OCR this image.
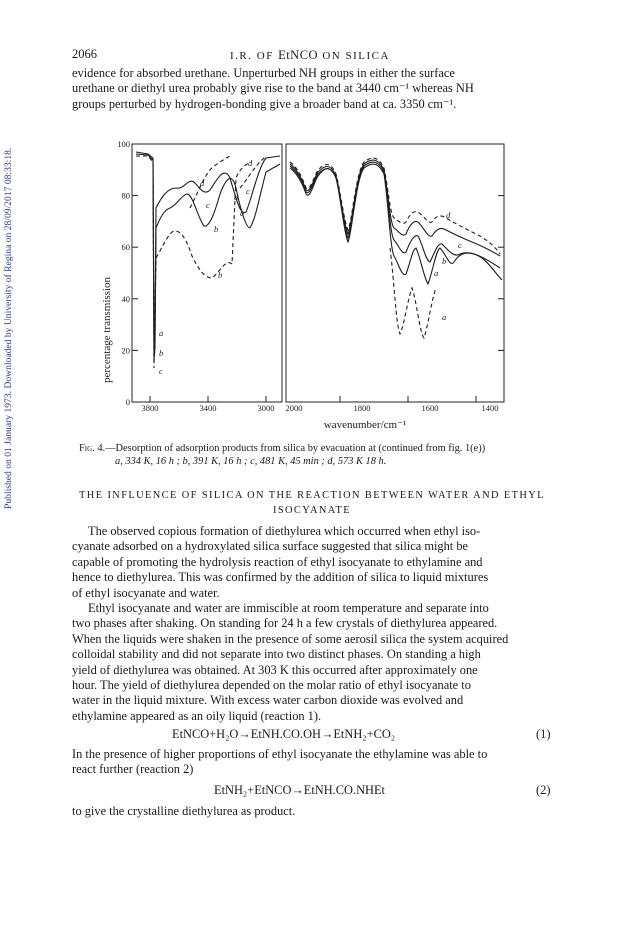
Published on 01 January 1973. Downloaded by University of Regina on 28/09/2017 08:33:18.
2066	I.R. OF EtNCO ON SILICA
evidence for absorbed urethane. Unperturbed NH groups in either the surface
urethane or diethyl urea probably give rise to the band at 3440 cm⁻¹ whereas NH
groups perturbed by hydrogen-bonding give a broader band at ca. 3350 cm⁻¹.
percentage transmission
100
80
60
40
20
0
3800	3400	3000 2000	1800	1600	1400
wavenumber/cm⁻¹
a
b
c
d
a
b
c
d
b
c
d
a
b
a
c
d
Fig. 4.—Desorption of adsorption products from silica by evacuation at (continued from fig. 1(e))
a, 334 K, 16 h ; b, 391 K, 16 h ; c, 481 K, 45 min ; d, 573 K 18 h.
THE INFLUENCE OF SILICA ON THE REACTION BETWEEN WATER AND ETHYL
ISOCYANATE
The observed copious formation of diethylurea which occurred when ethyl iso-
cyanate adsorbed on a hydroxylated silica surface suggested that silica might be
capable of promoting the hydrolysis reaction of ethyl isocyanate to ethylamine and
hence to diethylurea. This was confirmed by the addition of silica to liquid mixtures
of ethyl isocyanate and water.
Ethyl isocyanate and water are immiscible at room temperature and separate into
two phases after shaking. On standing for 24 h a few crystals of diethylurea appeared.
When the liquids were shaken in the presence of some aerosil silica the system acquired
colloidal stability and did not separate into two distinct phases. On standing a high
yield of diethylurea was obtained. At 303 K this occurred after approximately one
hour. The yield of diethylurea depended on the molar ratio of ethyl isocyanate to
water in the liquid mixture. With excess water carbon dioxide was evolved and
ethylamine appeared as an oily liquid (reaction 1).
EtNCO+H₂O→EtNH.CO.OH→EtNH₂+CO₂	(1)
In the presence of higher proportions of ethyl isocyanate the ethylamine was able to
react further (reaction 2)
EtNH₂+EtNCO→EtNH.CO.NHEt	(2)
to give the crystalline diethylurea as product.
